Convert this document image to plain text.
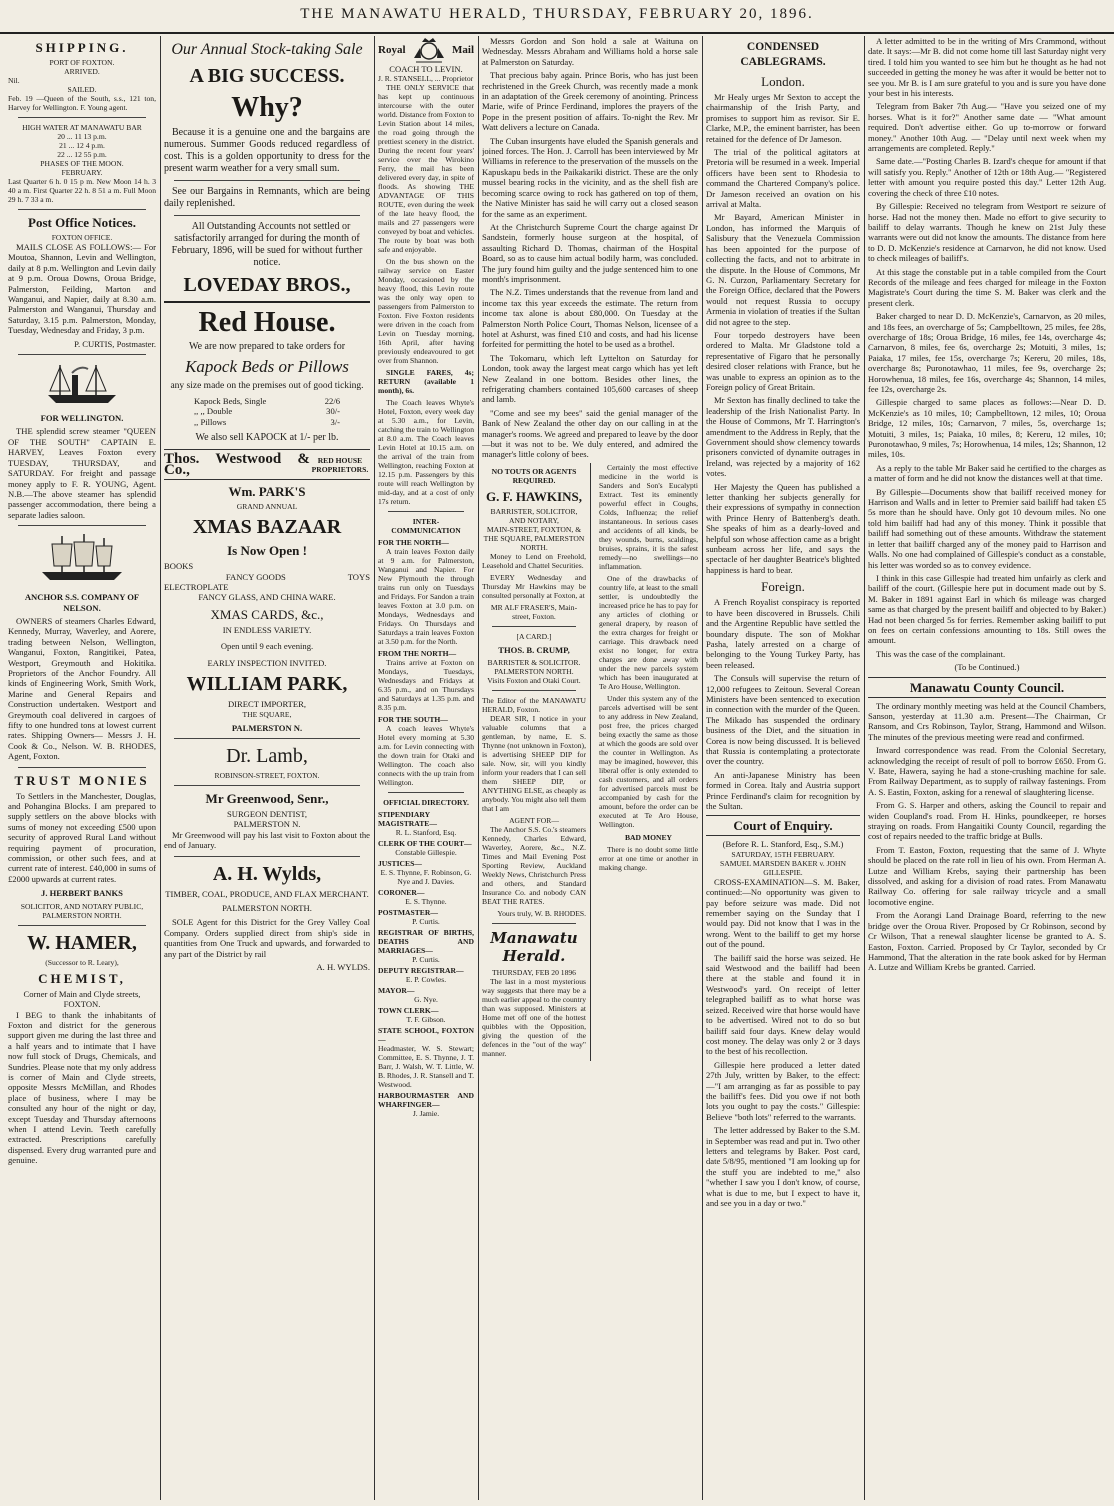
THE MANAWATU HERALD, THURSDAY, FEBRUARY 20, 1896.
SHIPPING.
PORT OF FOXTON.
ARRIVED.
Nil.
SAILED.
Feb. 19 —Queen of the South, s.s., 121 ton, Harvey for Wellington. F. Young agent.
HIGH WATER AT MANAWATU BAR
20 ... 11 13 p.m.
21 ... 12 4 p.m.
22 ... 12 55 p.m.
PHASES OF THE MOON.
FEBRUARY.
Last Quarter 6 h. 0 15 p m. New Moon 14 h. 3 40 a m. First Quarter 22 h. 8 51 a m. Full Moon 29 h. 7 33 a m.
Post Office Notices.
FOXTON OFFICE.
MAILS CLOSE AS FOLLOWS:— For Moutoa, Shannon, Levin and Wellington, daily at 8 p.m. Wellington and Levin daily at 9 p.m. Oroua Downs, Oroua Bridge, Palmerston, Feilding, Marton and Wanganui, and Napier, daily at 8.30 a.m. Palmerston and Wanganui, Thursday and Saturday, 3.15 p.m. Palmerston, Monday, Tuesday, Wednesday and Friday, 3 p.m.
P. CURTIS, Postmaster.
FOR WELLINGTON.
THE splendid screw steamer "QUEEN OF THE SOUTH" CAPTAIN E. HARVEY, Leaves Foxton every TUESDAY, THURSDAY, and SATURDAY. For freight and passage money apply to F. R. YOUNG, Agent. N.B.—The above steamer has splendid passenger accommodation, there being a separate ladies saloon.
ANCHOR S.S. COMPANY OF NELSON.
OWNERS of steamers Charles Edward, Kennedy, Murray, Waverley, and Aorere, trading between Nelson, Wellington, Wanganui, Foxton, Rangitikei, Patea, Westport, Greymouth and Hokitika. Proprietors of the Anchor Foundry. All kinds of Engineering Work, Smith Work, Marine and General Repairs and Construction undertaken. Westport and Greymouth coal delivered in cargoes of fifty to one hundred tons at lowest current rates. Shipping Owners— Messrs J. H. Cook & Co., Nelson. W. B. RHODES, Agent, Foxton.
TRUST MONIES
To Settlers in the Manchester, Douglas, and Pohangina Blocks. I am prepared to supply settlers on the above blocks with sums of money not exceeding £500 upon security of approved Rural Land without requiring payment of procuration, commission, or other such fees, and at current rate of interest. £40,000 in sums of £2000 upwards at current rates.
J. HERBERT BANKS
SOLICITOR, AND NOTARY PUBLIC, PALMERSTON NORTH.
W. HAMER,
(Successor to R. Leary),
CHEMIST,
Corner of Main and Clyde streets, FOXTON.
I BEG to thank the inhabitants of Foxton and district for the generous support given me during the last three and a half years and to intimate that I have now full stock of Drugs, Chemicals, and Sundries. Please note that my only address is corner of Main and Clyde streets, opposite Messrs McMillan, and Rhodes place of business, where I may be consulted any hour of the night or day, except Tuesday and Thursday afternoons when I attend Levin. Teeth carefully extracted. Prescriptions carefully dispensed. Every drug warranted pure and genuine.
Our Annual Stock-taking Sale
A BIG SUCCESS.
Why?
Because it is a genuine one and the bargains are numerous. Summer Goods reduced regardless of cost. This is a golden opportunity to dress for the present warm weather for a very small sum.
See our Bargains in Remnants, which are being daily replenished.
All Outstanding Accounts not settled or satisfactorily arranged for during the month of February, 1896, will be sued for without further notice.
LOVEDAY BROS.,
Red House.
We are now prepared to take orders for
Kapock Beds or Pillows
any size made on the premises out of good ticking.
Kapock Beds, Single	22/6
,, ,, Double	30/-
,, Pillows	3/-
We also sell KAPOCK at 1/- per lb.
Thos. Westwood & Co.,
RED HOUSE PROPRIETORS.
Wm. PARK'S
GRAND ANNUAL
XMAS BAZAAR
Is Now Open !
BOOKS
FANCY GOODS	TOYS
ELECTROPLATE
FANCY GLASS, AND CHINA WARE.
XMAS CARDS, &c.,
IN ENDLESS VARIETY.
Open until 9 each evening.
EARLY INSPECTION INVITED.
WILLIAM PARK,
DIRECT IMPORTER,
THE SQUARE,
PALMERSTON N.
Dr. Lamb,
ROBINSON-STREET, FOXTON.
Mr Greenwood, Senr.,
SURGEON DENTIST,
PALMERSTON N.
Mr Greenwood will pay his last visit to Foxton about the end of January.
A. H. Wylds,
TIMBER, COAL, PRODUCE, AND FLAX MERCHANT.
PALMERSTON NORTH.
SOLE Agent for this District for the Grey Valley Coal Company. Orders supplied direct from ship's side in quantities from One Truck and upwards, and forwarded to any part of the District by rail
A. H. WYLDS.
Royal	Mail
COACH TO LEVIN.
J. R. STANSELL, ... Proprietor
THE ONLY SERVICE that has kept up continuous intercourse with the outer world. Distance from Foxton to Levin Station about 14 miles, the road going through the prettiest scenery in the district. During the recent four years' service over the Wirokino Ferry, the mail has been delivered every day, in spite of floods. As showing THE ADVANTAGE OF THIS ROUTE, even during the week of the late heavy flood, the mails and 27 passengers were conveyed by boat and vehicles. The route by boat was both safe and enjoyable.
On the bus shown on the railway service on Easter Monday, occasioned by the heavy flood, this Levin route was the only way open to passengers from Palmerston to Foxton. Five Foxton residents were driven in the coach from Levin on Tuesday morning, 16th April, after having previously endeavoured to get over from Shannon.
SINGLE FARES, 4s; RETURN (available 1 month), 6s.
The Coach leaves Whyte's Hotel, Foxton, every week day at 5.30 a.m., for Levin, catching the train to Wellington at 8.0 a.m. The Coach leaves Levin Hotel at 10.15 a.m. on the arrival of the train from Wellington, reaching Foxton at 12.15 p.m. Passengers by this route will reach Wellington by mid-day, and at a cost of only 17s return.
INTER-COMMUNICATION
FOR THE NORTH—
A train leaves Foxton daily at 9 a.m. for Palmerston, Wanganui and Napier. For New Plymouth the through trains run only on Tuesdays and Fridays. For Sandon a train leaves Foxton at 3.0 p.m. on Mondays, Wednesdays and Fridays. On Thursdays and Saturdays a train leaves Foxton at 3.50 p.m. for the North.
FROM THE NORTH—
Trains arrive at Foxton on Mondays, Tuesdays, Wednesdays and Fridays at 6.35 p.m., and on Thursdays and Saturdays at 1.35 p.m. and 8.35 p.m.
FOR THE SOUTH—
A coach leaves Whyte's Hotel every morning at 5.30 a.m. for Levin connecting with the down train for Otaki and Wellington. The coach also connects with the up train from Wellington.
OFFICIAL DIRECTORY.
STIPENDIARY MAGISTRATE—
R. L. Stanford, Esq.
CLERK OF THE COURT—
Constable Gillespie.
JUSTICES—
E. S. Thynne, F. Robinson, G. Nye and J. Davies.
CORONER—
E. S. Thynne.
POSTMASTER—
P. Curtis.
REGISTRAR OF BIRTHS, DEATHS AND MARRIAGES—
P. Curtis.
DEPUTY REGISTRAR—
E. P. Cowles.
MAYOR—
G. Nye.
TOWN CLERK—
T. F. Gibson.
STATE SCHOOL, FOXTON—
Headmaster, W. S. Stewart; Committee, E. S. Thynne, J. T. Barr, J. Walsh, W. T. Little, W. B. Rhodes, J. R. Stansell and T. Westwood.
HARBOURMASTER AND WHARFINGER—
J. Jamie.
Messrs Gordon and Son hold a sale at Waituna on Wednesday. Messrs Abraham and Williams hold a horse sale at Palmerston on Saturday.
That precious baby again. Prince Boris, who has just been rechristened in the Greek Church, was recently made a monk in an adaptation of the Greek ceremony of anointing. Princess Marie, wife of Prince Ferdinand, implores the prayers of the Pope in the present position of affairs. To-night the Rev. Mr Watt delivers a lecture on Canada.
The Cuban insurgents have eluded the Spanish generals and joined forces. The Hon. J. Carroll has been interviewed by Mr Williams in reference to the preservation of the mussels on the Kapuskapu beds in the Paikakariki district. These are the only mussel bearing rocks in the vicinity, and as the shell fish are becoming scarce owing to rock has gathered on top of them, the Native Minister has said he will carry out a closed season for the same as an experiment.
At the Christchurch Supreme Court the charge against Dr Sandstein, formerly house surgeon at the hospital, of assaulting Richard D. Thomas, chairman of the Hospital Board, so as to cause him actual bodily harm, was concluded. The jury found him guilty and the judge sentenced him to one month's imprisonment.
The N.Z. Times understands that the revenue from land and income tax this year exceeds the estimate. The return from income tax alone is about £80,000. On Tuesday at the Palmerston North Police Court, Thomas Nelson, licensee of a hotel at Ashurst, was fined £10 and costs, and had his license forfeited for permitting the hotel to be used as a brothel.
The Tokomaru, which left Lyttelton on Saturday for London, took away the largest meat cargo which has yet left New Zealand in one bottom. Besides other lines, the refrigerating chambers contained 105,600 carcases of sheep and lamb.
"Come and see my bees" said the genial manager of the Bank of New Zealand the other day on our calling in at the manager's rooms. We agreed and prepared to leave by the door—but it was not to be. We duly entered, and admired the manager's little colony of bees.
NO TOUTS OR AGENTS REQUIRED.
G. F. HAWKINS,
BARRISTER, SOLICITOR, AND NOTARY,
MAIN-STREET, FOXTON, & THE SQUARE, PALMERSTON NORTH.
Money to Lend on Freehold, Leasehold and Chattel Securities.
EVERY Wednesday and Thursday Mr Hawkins may be consulted personally at Foxton, at
MR ALF FRASER'S, Main-street, Foxton.
[A CARD.]
THOS. B. CRUMP,
BARRISTER & SOLICITOR.
PALMERSTON NORTH.
Visits Foxton and Otaki Court.
The Editor of the MANAWATU HERALD, Foxton.
DEAR SIR, I notice in your valuable columns that a gentleman, by name, E. S. Thynne (not unknown in Foxton), is advertising SHEEP DIP for sale. Now, sir, will you kindly inform your readers that I can sell them SHEEP DIP, or ANYTHING ELSE, as cheaply as anybody. You might also tell them that I am
AGENT FOR—
The Anchor S.S. Co.'s steamers Kennedy, Charles Edward, Waverley, Aorere, &c., N.Z. Times and Mail Evening Post Sporting Review, Auckland Weekly News, Christchurch Press and others, and Standard Insurance Co. and nobody CAN BEAT THE RATES.
Yours truly, W. B. RHODES.
Manawatu Herald.
THURSDAY, FEB 20 1896
The last in a most mysterious way suggests that there may be a much earlier appeal to the country than was supposed. Ministers at Home met off one of the hottest quibbles with the Opposition, giving the question of the defences in the "out of the way" manner.
Certainly the most effective medicine in the world is Sanders and Son's Eucalypti Extract. Test its eminently powerful effect in Coughs, Colds, Influenza; the relief instantaneous. In serious cases and accidents of all kinds, be they wounds, burns, scaldings, bruises, sprains, it is the safest remedy—no swellings—no inflammation.
One of the drawbacks of country life, at least to the small settler, is undoubtedly the increased price he has to pay for any articles of clothing or general drapery, by reason of the extra charges for freight or carriage. This drawback need exist no longer, for extra charges are done away with under the new parcels system which has been inaugurated at Te Aro House, Wellington.
Under this system any of the parcels advertised will be sent to any address in New Zealand, post free, the prices charged being exactly the same as those at which the goods are sold over the counter in Wellington. As may be imagined, however, this liberal offer is only extended to cash customers, and all orders for advertised parcels must be accompanied by cash for the amount, before the order can be executed at Te Aro House, Wellington.
BAD MONEY
There is no doubt some little error at one time or another in making change.
CONDENSED CABLEGRAMS.
London.
Mr Healy urges Mr Sexton to accept the chairmanship of the Irish Party, and promises to support him as revisor. Sir E. Clarke, M.P., the eminent barrister, has been retained for the defence of Dr Jameson.
The trial of the political agitators at Pretoria will be resumed in a week. Imperial officers have been sent to Rhodesia to command the Chartered Company's police. Dr Jameson received an ovation on his arrival at Malta.
Mr Bayard, American Minister in London, has informed the Marquis of Salisbury that the Venezuela Commission has been appointed for the purpose of collecting the facts, and not to arbitrate in the dispute. In the House of Commons, Mr G. N. Curzon, Parliamentary Secretary for the Foreign Office, declared that the Powers would not request Russia to occupy Armenia in violation of treaties if the Sultan did not agree to the step.
Four torpedo destroyers have been ordered to Malta. Mr Gladstone told a representative of Figaro that he personally desired closer relations with France, but he was unable to express an opinion as to the Foreign policy of Great Britain.
Mr Sexton has finally declined to take the leadership of the Irish Nationalist Party. In the House of Commons, Mr T. Harrington's amendment to the Address in Reply, that the Government should show clemency towards prisoners convicted of dynamite outrages in Ireland, was rejected by a majority of 162 votes.
Her Majesty the Queen has published a letter thanking her subjects generally for their expressions of sympathy in connection with Prince Henry of Battenberg's death. She speaks of him as a dearly-loved and helpful son whose affection came as a bright sunbeam across her life, and says the spectacle of her daughter Beatrice's blighted happiness is hard to bear.
Foreign.
A French Royalist conspiracy is reported to have been discovered in Brussels. Chili and the Argentine Republic have settled the boundary dispute. The son of Mokhar Pasha, lately arrested on a charge of belonging to the Young Turkey Party, has been released.
The Consuls will supervise the return of 12,000 refugees to Zeitoun. Several Corean Ministers have been sentenced to execution in connection with the murder of the Queen. The Mikado has suspended the ordinary business of the Diet, and the situation in Corea is now being discussed. It is believed that Russia is contemplating a protectorate over the country.
An anti-Japanese Ministry has been formed in Corea. Italy and Austria support Prince Ferdinand's claim for recognition by the Sultan.
Court of Enquiry.
(Before R. L. Stanford, Esq., S.M.)
SATURDAY, 15TH FEBRUARY.
SAMUEL MARSDEN BAKER v. JOHN GILLESPIE.
CROSS-EXAMINATION—S. M. Baker, continued:—No opportunity was given to pay before seizure was made. Did not remember saying on the Sunday that I would pay. Did not know that I was in the wrong. Went to the bailiff to get my horse out of the pound.
The bailiff said the horse was seized. He said Westwood and the bailiff had been there at the stable and found it in Westwood's yard. On receipt of letter telegraphed bailiff as to what horse was seized. Received wire that horse would have to be advertised. Wired not to do so but bailiff said four days. Knew delay would cost money. The delay was only 2 or 3 days to the best of his recollection.
Gillespie here produced a letter dated 27th July, written by Baker, to the effect:—"I am arranging as far as possible to pay the bailiff's fees. Did you owe if not both lots you ought to pay the costs." Gillespie: Believe "both lots" referred to the warrants.
The letter addressed by Baker to the S.M. in September was read and put in. Two other letters and telegrams by Baker. Post card, date 5/8/95, mentioned "I am looking up for the stuff you are indebted to me," also "whether I saw you I don't know, of course, what is due to me, but I expect to have it, and see you in a day or two."
A letter admitted to be in the writing of Mrs Crammond, without date. It says:—Mr B. did not come home till last Saturday night very tired. I told him you wanted to see him but he thought as he had not succeeded in getting the money he was after it would be better not to see you. Mr B. is I am sure grateful to you and is sure you have done your best in his interests.
Telegram from Baker 7th Aug.— "Have you seized one of my horses. What is it for?" Another same date — "What amount required. Don't advertise either. Go up to-morrow or forward money." Another 10th Aug. — "Delay until next week when my arrangements are completed. Reply."
Same date.—"Posting Charles B. Izard's cheque for amount if that will satisfy you. Reply." Another of 12th or 18th Aug.— "Registered letter with amount you require posted this day." Letter 12th Aug. covering the check of three £10 notes.
By Gillespie: Received no telegram from Westport re seizure of horse. Had not the money then. Made no effort to give security to bailiff to delay warrants. Though he knew on 21st July these warrants were out did not know the amounts. The distance from here to D. D. McKenzie's residence at Carnarvon, he did not know. Used to check mileages of bailiff's.
At this stage the constable put in a table compiled from the Court Records of the mileage and fees charged for mileage in the Foxton Magistrate's Court during the time S. M. Baker was clerk and the present clerk.
Baker charged to near D. D. McKenzie's, Carnarvon, as 20 miles, and 18s fees, an overcharge of 5s; Campbelltown, 25 miles, fee 28s, overcharge of 18s; Oroua Bridge, 16 miles, fee 14s, overcharge 4s; Carnarvon, 8 miles, fee 6s, overcharge 2s; Motuiti, 3 miles, 1s; Paiaka, 17 miles, fee 15s, overcharge 7s; Kereru, 20 miles, 18s, overcharge 8s; Puronotawhao, 11 miles, fee 9s, overcharge 2s; Horowhenua, 18 miles, fee 16s, overcharge 4s; Shannon, 14 miles, fee 12s, overcharge 2s.
Gillespie charged to same places as follows:—Near D. D. McKenzie's as 10 miles, 10; Campbelltown, 12 miles, 10; Oroua Bridge, 12 miles, 10s; Carnarvon, 7 miles, 5s, overcharge 1s; Motuiti, 3 miles, 1s; Paiaka, 10 miles, 8; Kereru, 12 miles, 10; Puronotawhao, 9 miles, 7s; Horowhenua, 14 miles, 12s; Shannon, 12 miles, 10s.
As a reply to the table Mr Baker said he certified to the charges as a matter of form and he did not know the distances well at that time.
By Gillespie—Documents show that bailiff received money for Harrison and Walls and in letter to Premier said bailiff had taken £5 5s more than he should have. Only got 10 devoum miles. No one told him bailiff had had any of this money. Think it possible that bailiff had something out of these amounts. Withdraw the statement in letter that bailiff charged any of the money paid to Harrison and Walls. No one had complained of Gillespie's conduct as a constable, his letter was worded so as to convey evidence.
I think in this case Gillespie had treated him unfairly as clerk and bailiff of the court. (Gillespie here put in document made out by S. M. Baker in 1891 against Earl in which 6s mileage was charged same as that charged by the present bailiff and objected to by Baker.) Had not been charged 5s for ferries. Remember asking bailiff to put on fees on certain confessions amounting to 18s. Still owes the amount.
This was the case of the complainant.
(To be Continued.)
Manawatu County Council.
The ordinary monthly meeting was held at the Council Chambers, Sanson, yesterday at 11.30 a.m. Present—The Chairman, Cr Ransom, and Crs Robinson, Taylor, Strang, Hammond and Wilson. The minutes of the previous meeting were read and confirmed.
Inward correspondence was read. From the Colonial Secretary, acknowledging the receipt of result of poll to borrow £650. From G. V. Bate, Hawera, saying he had a stone-crushing machine for sale. From Railway Department, as to supply of railway fastenings. From A. S. Eastin, Foxton, asking for a renewal of slaughtering license.
From G. S. Harper and others, asking the Council to repair and widen Coupland's road. From H. Hinks, poundkeeper, re horses straying on roads. From Hangaitiki County Council, regarding the cost of repairs needed to the traffic bridge at Bulls.
From T. Easton, Foxton, requesting that the same of J. Whyte should be placed on the rate roll in lieu of his own. From Herman A. Lutze and William Krebs, saying their partnership has been dissolved, and asking for a division of road rates. From Manawatu Railway Co. offering for sale railway tricycle and a small locomotive engine.
From the Aorangi Land Drainage Board, referring to the new bridge over the Oroua River. Proposed by Cr Robinson, second by Cr Wilson, That a renewal slaughter license be granted to A. S. Easton, Foxton. Carried. Proposed by Cr Taylor, seconded by Cr Hammond, That the alteration in the rate book asked for by Herman A. Lutze and William Krebs be granted. Carried.
